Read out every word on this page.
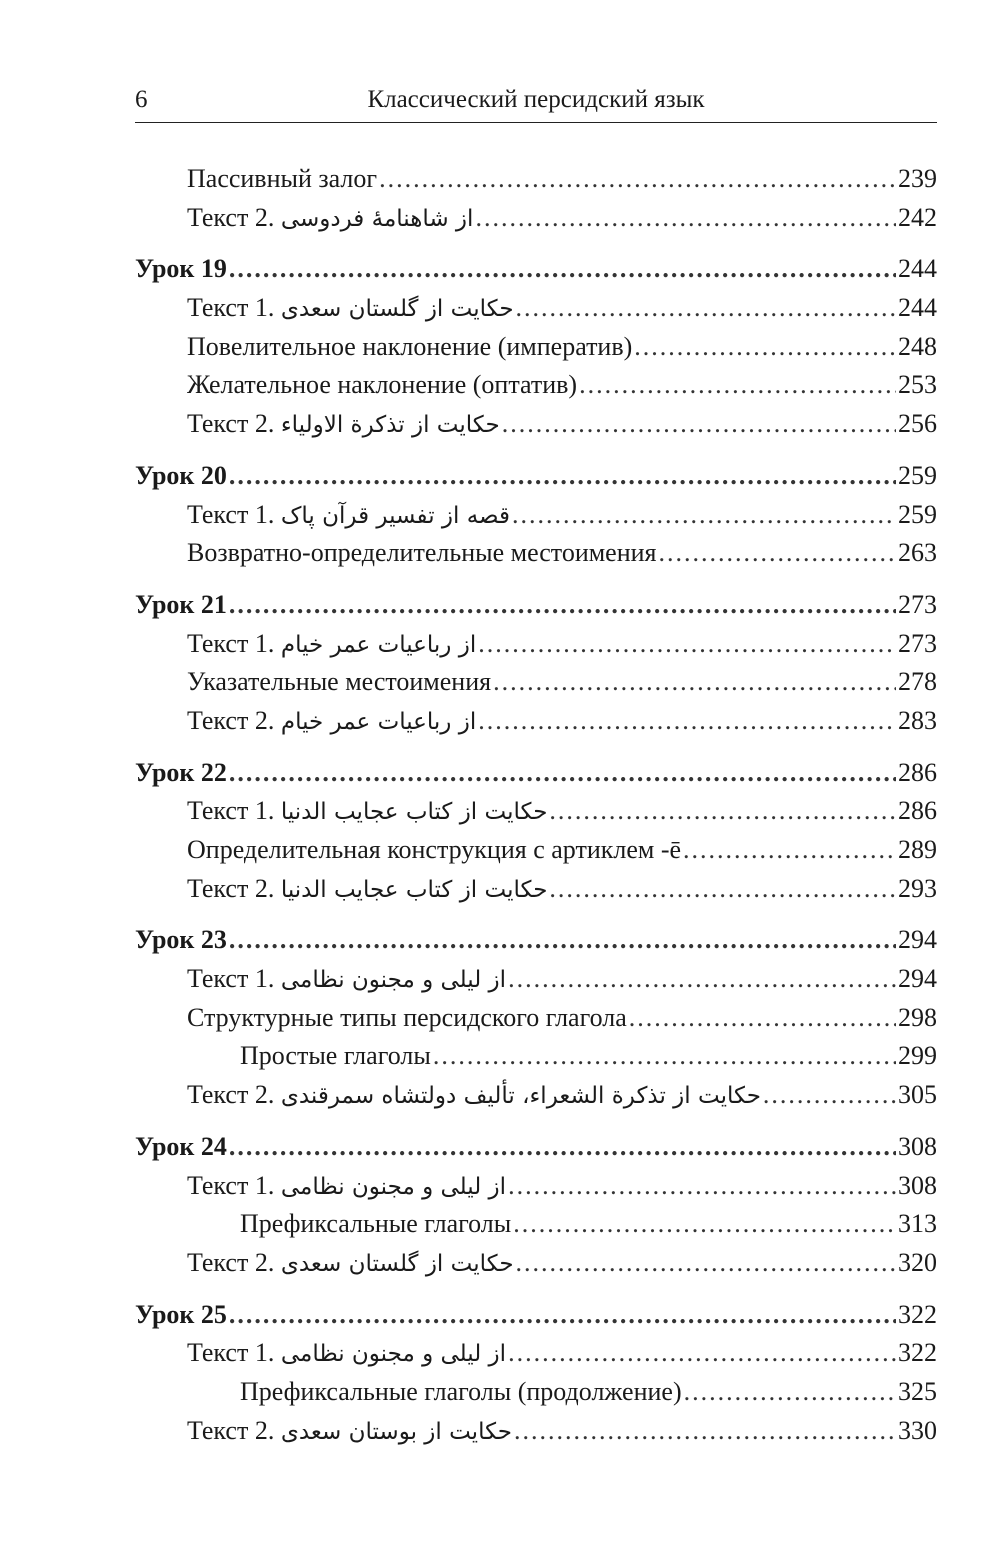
6	Классический персидский язык
Пассивный залог .....	239
Текст 2. از شاهنامهٔ فردوسی .....	242
Урок 19 .....	244
Текст 1. حکایت از گلستان سعدی .....	244
Повелительное наклонение (императив) .....	248
Желательное наклонение (оптатив) .....	253
Текст 2. حکایت از تذکرة الاولیاء .....	256
Урок 20 .....	259
Текст 1. قصه از تفسیر قرآن پاک .....	259
Возвратно-определительные местоимения .....	263
Урок 21 .....	273
Текст 1. از رباعیات عمر خیام .....	273
Указательные местоимения .....	278
Текст 2. از رباعیات عمر خیام .....	283
Урок 22 .....	286
Текст 1. حکایت از کتاب عجایب الدنیا .....	286
Определительная конструкция с артиклем -ē .....	289
Текст 2. حکایت از کتاب عجایب الدنیا .....	293
Урок 23 .....	294
Текст 1. از لیلی و مجنون نظامی .....	294
Структурные типы персидского глагола .....	298
Простые глаголы .....	299
Текст 2. حکایت از تذکرة الشعراء، تألیف دولتشاه سمرقندی .....	305
Урок 24 .....	308
Текст 1. از لیلی و مجنون نظامی .....	308
Префиксальные глаголы .....	313
Текст 2. حکایت از گلستان سعدی .....	320
Урок 25 .....	322
Текст 1. از لیلی و مجنون نظامی .....	322
Префиксальные глаголы (продолжение) .....	325
Текст 2. حکایت از بوستان سعدی .....	330
